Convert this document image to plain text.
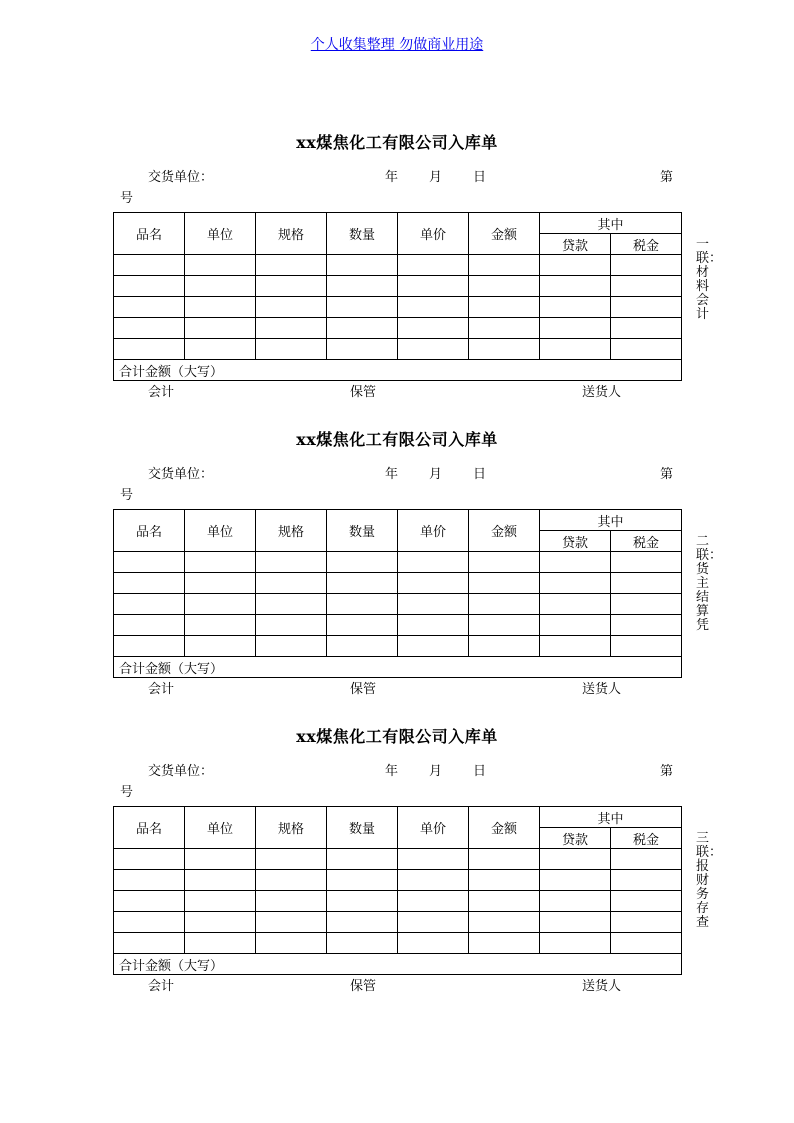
个人收集整理 勿做商业用途
xx煤焦化工有限公司入库单
交货单位：	年 月 日	第
号
品名	单位	规格	数量	单价	金额	其中	
						贷款	税金

合计金额（大写）							
会计	保管	送货人
一联：材料会计
xx煤焦化工有限公司入库单
交货单位：	年 月 日	第
号
品名	单位	规格	数量	单价	金额	其中	
						贷款	税金

合计金额（大写）							
会计	保管	送货人
二联：货主结算凭
xx煤焦化工有限公司入库单
交货单位：	年 月 日	第
号
品名	单位	规格	数量	单价	金额	其中	
						贷款	税金

合计金额（大写）							
会计	保管	送货人
三联：报财务存查
